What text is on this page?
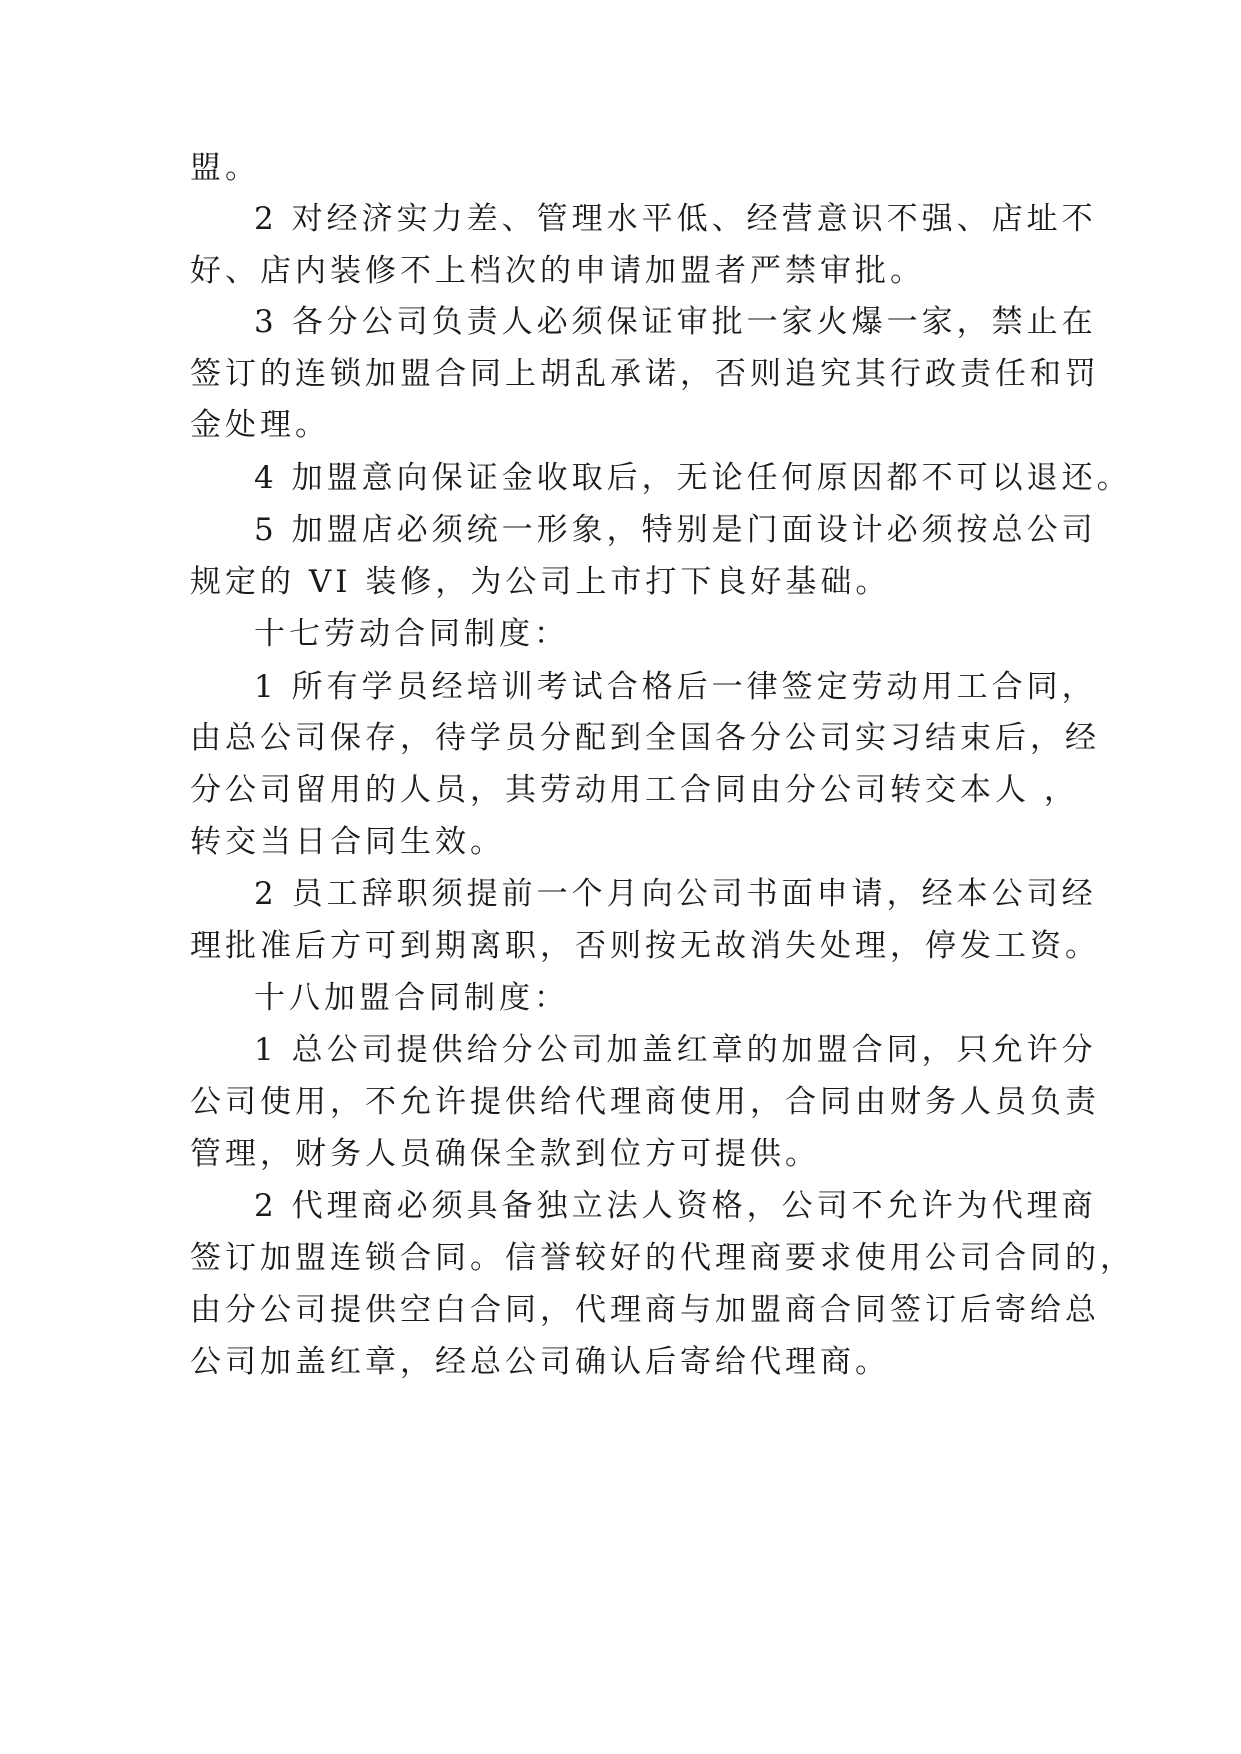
盟。
2 对经济实力差、管理水平低、经营意识不强、店址不
好、店内装修不上档次的申请加盟者严禁审批。
3 各分公司负责人必须保证审批一家火爆一家，禁止在
签订的连锁加盟合同上胡乱承诺，否则追究其行政责任和罚
金处理。
4 加盟意向保证金收取后，无论任何原因都不可以退还。
5 加盟店必须统一形象，特别是门面设计必须按总公司
规定的 VI 装修，为公司上市打下良好基础。
十七劳动合同制度：
1 所有学员经培训考试合格后一律签定劳动用工合同，
由总公司保存，待学员分配到全国各分公司实习结束后，经
分公司留用的人员，其劳动用工合同由分公司转交本人 ，
转交当日合同生效。
2 员工辞职须提前一个月向公司书面申请，经本公司经
理批准后方可到期离职，否则按无故消失处理，停发工资。
十八加盟合同制度：
1 总公司提供给分公司加盖红章的加盟合同，只允许分
公司使用，不允许提供给代理商使用，合同由财务人员负责
管理，财务人员确保全款到位方可提供。
2 代理商必须具备独立法人资格，公司不允许为代理商
签订加盟连锁合同。信誉较好的代理商要求使用公司合同的，
由分公司提供空白合同，代理商与加盟商合同签订后寄给总
公司加盖红章，经总公司确认后寄给代理商。
